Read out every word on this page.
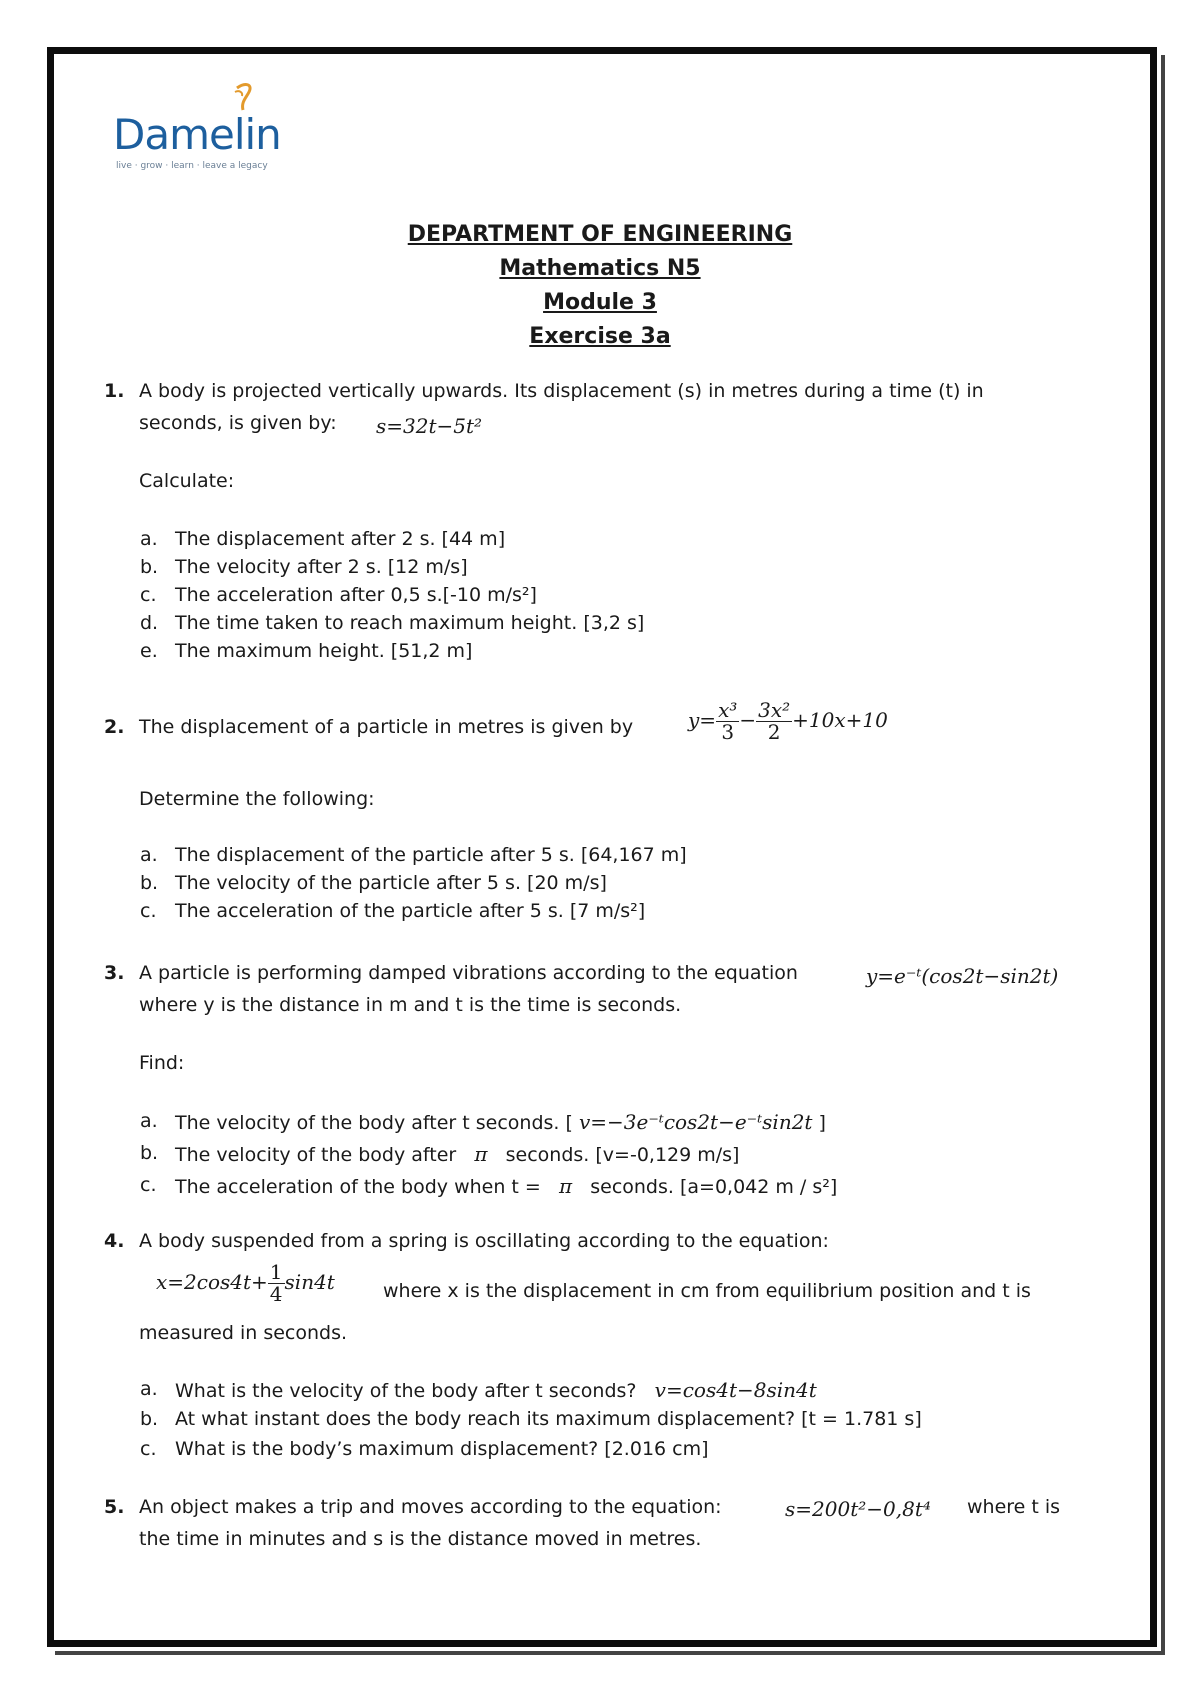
Damelin
live · grow · learn · leave a legacy
DEPARTMENT OF ENGINEERING
Mathematics N5
Module 3
Exercise 3a
1. A body is projected vertically upwards. Its displacement (s) in metres during a time (t) in
seconds, is given by: s=32t−5t²
Calculate:
a. The displacement after 2 s. [44 m]
b. The velocity after 2 s. [12 m/s]
c. The acceleration after 0,5 s.[-10 m/s²]
d. The time taken to reach maximum height. [3,2 s]
e. The maximum height. [51,2 m]
2. The displacement of a particle in metres is given by	$y= \frac{\text{x³}}{3} - \frac{\text{3x²}}{2} +10x+10$
Determine the following:
a. The displacement of the particle after 5 s. [64,167 m]
b. The velocity of the particle after 5 s. [20 m/s]
c. The acceleration of the particle after 5 s. [7 m/s²]
3. A particle is performing damped vibrations according to the equation	y=e⁻ᵗ(cos2t−sin2t)
where y is the distance in m and t is the time is seconds.
Find:
a. The velocity of the body after t seconds. [ v=−3e⁻ᵗcos2t−e⁻ᵗsin2t ]
b. The velocity of the body after π seconds. [v=-0,129 m/s]
c. The acceleration of the body when t = π seconds. [a=0,042 m / s²]
4. A body suspended from a spring is oscillating according to the equation:
$x=2\cos 4t+ \frac{1}{4} \sin 4t$	where x is the displacement in cm from equilibrium position and t is
measured in seconds.
a. What is the velocity of the body after t seconds? v=cos4t−8sin4t
b. At what instant does the body reach its maximum displacement? [t = 1.781 s]
c. What is the body’s maximum displacement? [2.016 cm]
5. An object makes a trip and moves according to the equation:	s=200t²−0,8t⁴ where t is
the time in minutes and s is the distance moved in metres.
